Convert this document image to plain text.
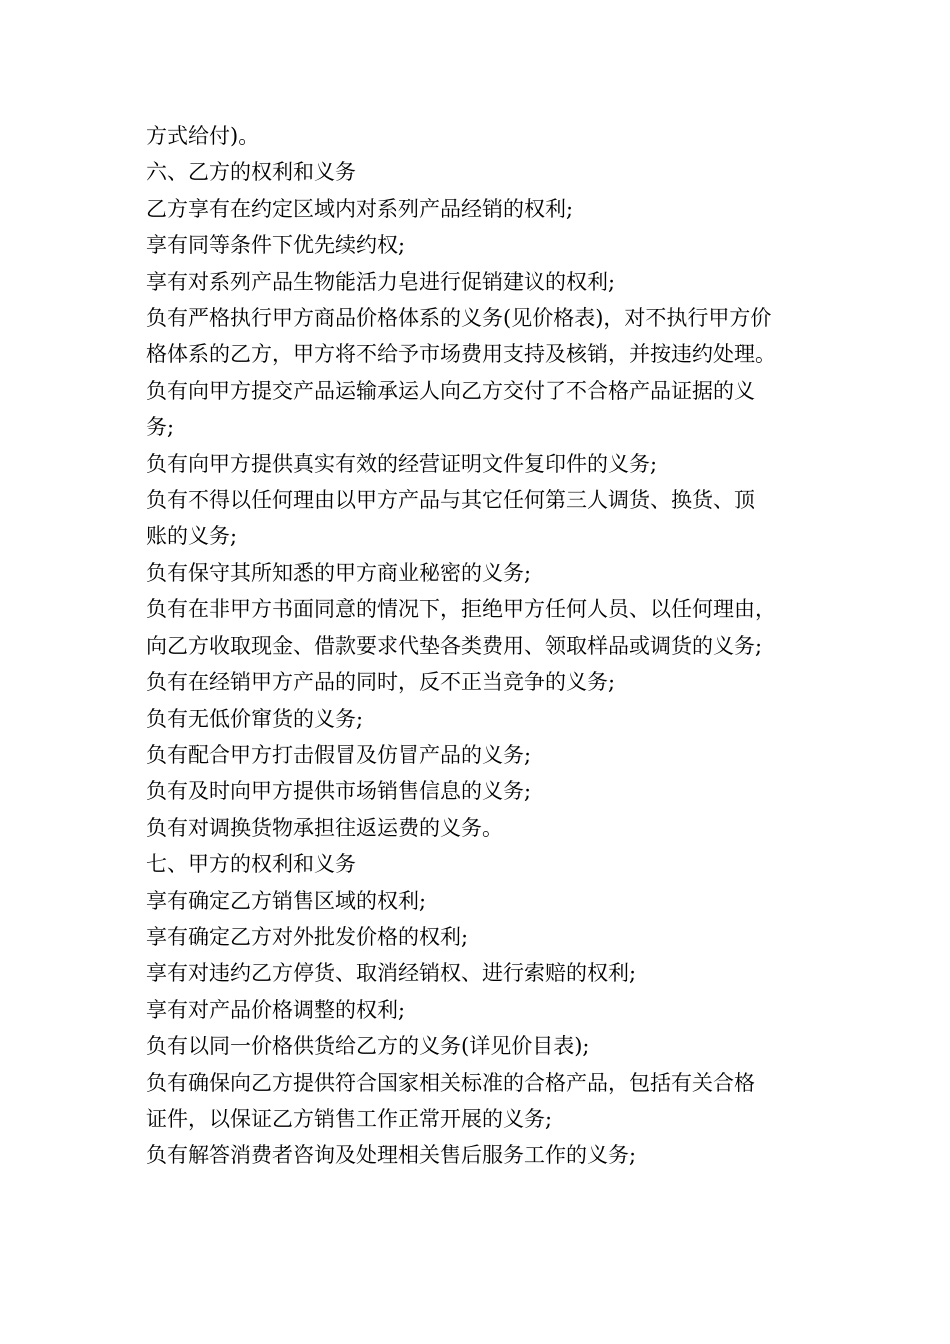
方式给付)。
六、乙方的权利和义务
乙方享有在约定区域内对系列产品经销的权利;
享有同等条件下优先续约权;
享有对系列产品生物能活力皂进行促销建议的权利;
负有严格执行甲方商品价格体系的义务(见价格表)，对不执行甲方价
格体系的乙方，甲方将不给予市场费用支持及核销，并按违约处理。
负有向甲方提交产品运输承运人向乙方交付了不合格产品证据的义
务;
负有向甲方提供真实有效的经营证明文件复印件的义务;
负有不得以任何理由以甲方产品与其它任何第三人调货、换货、顶
账的义务;
负有保守其所知悉的甲方商业秘密的义务;
负有在非甲方书面同意的情况下，拒绝甲方任何人员、以任何理由，
向乙方收取现金、借款要求代垫各类费用、领取样品或调货的义务;
负有在经销甲方产品的同时，反不正当竞争的义务;
负有无低价窜货的义务;
负有配合甲方打击假冒及仿冒产品的义务;
负有及时向甲方提供市场销售信息的义务;
负有对调换货物承担往返运费的义务。
七、甲方的权利和义务
享有确定乙方销售区域的权利;
享有确定乙方对外批发价格的权利;
享有对违约乙方停货、取消经销权、进行索赔的权利;
享有对产品价格调整的权利;
负有以同一价格供货给乙方的义务(详见价目表);
负有确保向乙方提供符合国家相关标准的合格产品，包括有关合格
证件，以保证乙方销售工作正常开展的义务;
负有解答消费者咨询及处理相关售后服务工作的义务;
